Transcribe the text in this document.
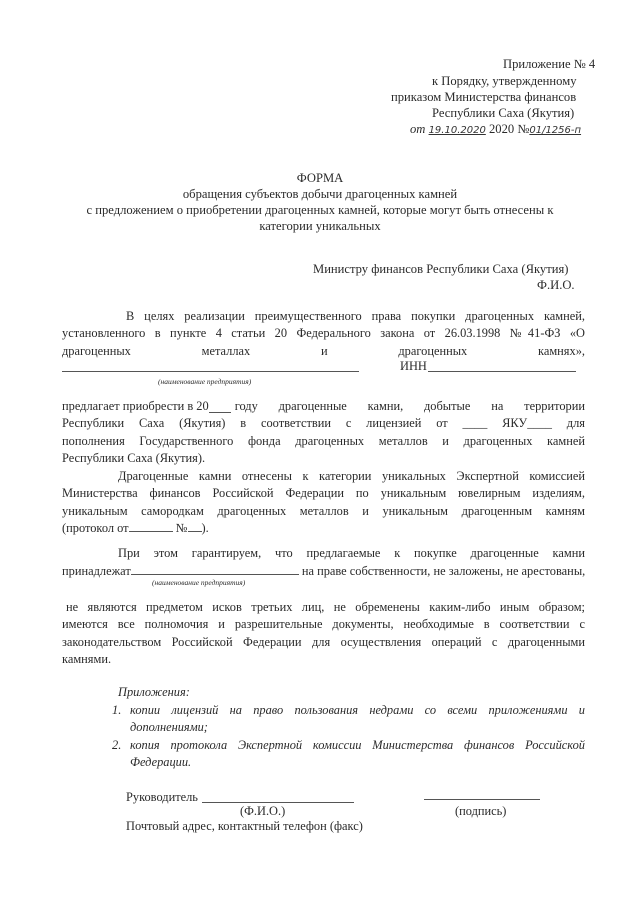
Приложение № 4
к Порядку, утвержденному
приказом Министерства финансов
Республики Саха (Якутия)
от 19.10.2020 2020 №01/1256-п
ФОРМА
обращения субъектов добычи драгоценных камней
с предложением о приобретении драгоценных камней, которые могут быть отнесены к
категории уникальных
Министру финансов Республики Саха (Якутия)
Ф.И.О.
В целях реализации преимущественного права покупки драгоценных камней,
установленного в пункте 4 статьи 20 Федерального закона от 26.03.1998 №41-ФЗ «О
драгоценных	металлах	и	драгоценных	камнях»,
ИНН
(наименование предприятия)
предлагает приобрести в 20 году драгоценные камни, добытые на территории
Республики Саха (Якутия) в соответствии с лицензией от ____ ЯКУ____ для
пополнения Государственного фонда драгоценных металлов и драгоценных камней
Республики Саха (Якутия).
Драгоценные камни отнесены к категории уникальных Экспертной комиссией
Министерства финансов Российской Федерации по уникальным ювелирным изделиям,
уникальным самородкам драгоценных металлов и уникальным драгоценным камням
(протокол от	№ ).
При этом гарантируем, что предлагаемые к покупке драгоценные камни
принадлежат	на праве собственности, не заложены, не арестованы,
(наименование предприятия)
не являются предметом исков третьих лиц, не обременены каким-либо иным образом;
имеются все полномочия и разрешительные документы, необходимые в соответствии с
законодательством Российской Федерации для осуществления операций с драгоценными
камнями.
Приложения:
1. копии лицензий на право пользования недрами со всеми приложениями и
дополнениями;
2. копия протокола Экспертной комиссии Министерства финансов Российской
Федерации.
Руководитель
(Ф.И.О.)	(подпись)
Почтовый адрес, контактный телефон (факс)
